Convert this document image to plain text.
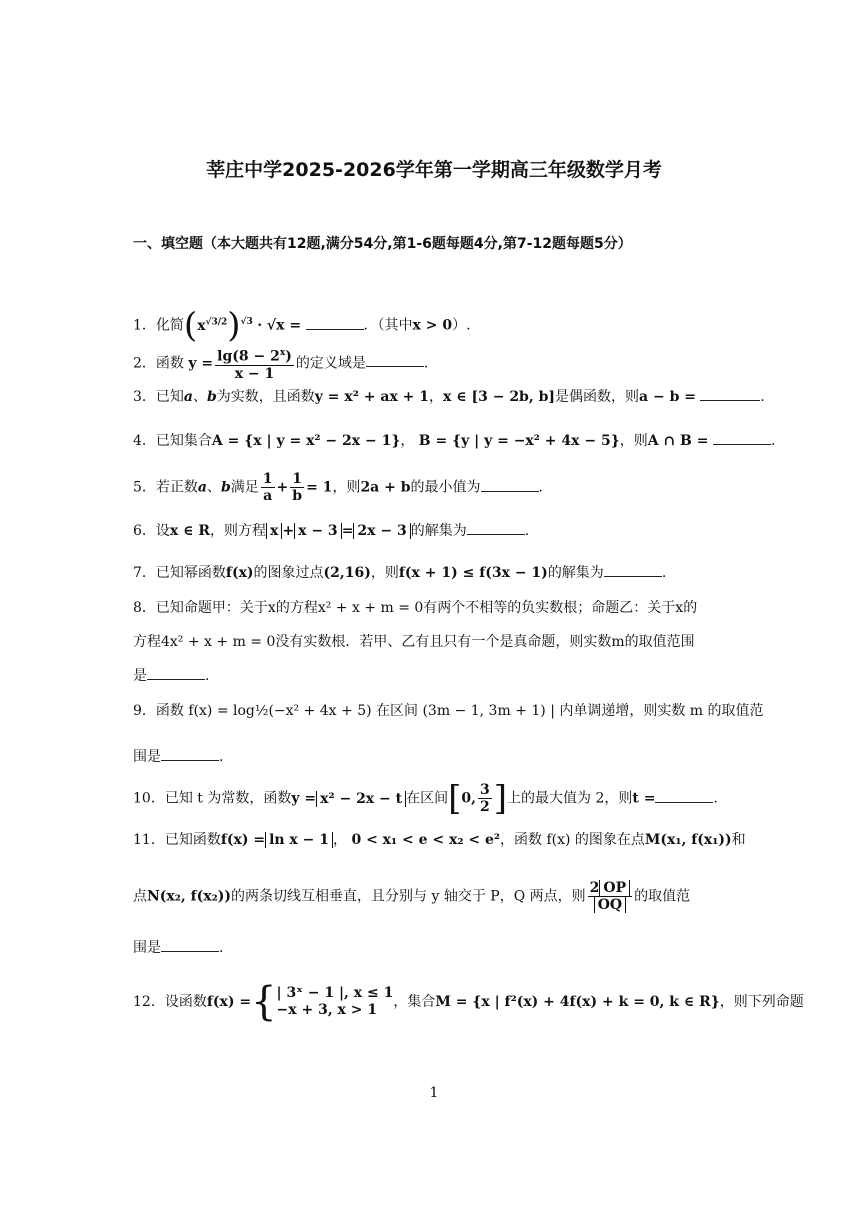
莘庄中学2025-2026学年第一学期高三年级数学月考
一、填空题（本大题共有12题,满分54分,第1-6题每题4分,第7-12题每题5分）
1．化简$(x^{√3/2})^{√3} \cdot √x$ =	．（其中x > 0）.
2．函数 $y = \frac{\lg(8 - 2^x)}{x - 1}$ 的定义域是	.
3．已知a、b为实数，且函数y = x² + ax + 1，x ∈ [3 − 2b, b]是偶函数，则a − b =	.
4．已知集合A = {x | y = x² − 2x − 1}， B = {y | y = −x² + 4x − 5}，则A ∩ B =	.
5．若正数a、b满足 $\frac{1}{a} + \frac{1}{b} = 1$，则2a + b的最小值为	.
6．设x ∈ R，则方程 x + x − 3 = 2x − 3 的解集为	.
7．已知幂函数f(x)的图象过点(2,16)，则f(x + 1) ≤ f(3x − 1)的解集为	.
8．已知命题甲：关于x的方程x² + x + m = 0有两个不相等的负实数根；命题乙：关于x的
方程4x² + x + m = 0没有实数根．若甲、乙有且只有一个是真命题，则实数m的取值范围
是	.
9．函数 f(x) = log½(−x² + 4x + 5) 在区间 (3m − 1, 3m + 1) | 内单调递增，则实数 m 的取值范
围是	.
10．已知 t 为常数，函数y = x² − 2x − t 在区间[0, $\frac{3}{2}$ ]上的最大值为 2，则t =	.
11．已知函数f(x) = ln x − 1 ， 0 < x₁ < e < x₂ < e²，函数 f(x) 的图象在点M(x₁, f(x₁))和
点N(x₂, f(x₂))的两条切线互相垂直，且分别与 y 轴交于 P，Q 两点，则 $\frac{2 OP}{OQ}$ 的取值范
围是	.
12．设函数f(x) ={ | 3ˣ − 1 |, x ≤ 1
−x + 3, x > 1	，集合M = {x | f²(x) + 4f(x) + k = 0, k ∈ R}，则下列命题
1
